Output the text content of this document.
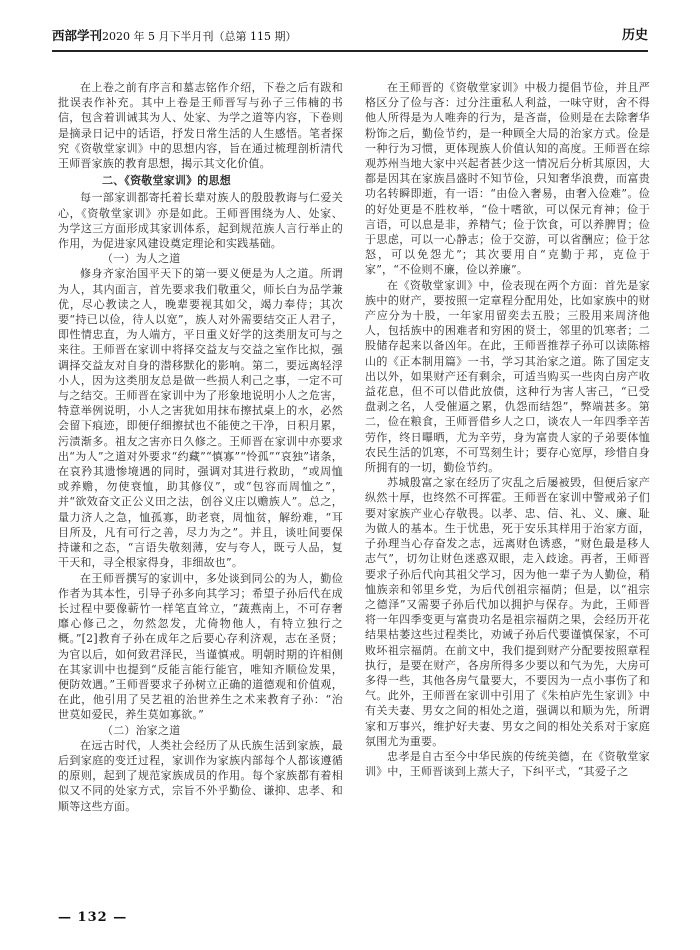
西部学刊2020 年 5 月下半月刊（总第 115 期）	历史

在上卷之前有序言和墓志铭作介绍，下卷之后有跋和批误表作补充。其中上卷是王师晋写与孙子三伟楠的书信，包含着训诫其为人、处家、为学之道等内容，下卷则是摘录日记中的话语，抒发日常生活的人生感悟。笔者探究《资敬堂家训》中的思想内容，旨在通过梳理剖析清代王师晋家族的教育思想，揭示其文化价值。

二、《资敬堂家训》的思想

每一部家训都寄托着长辈对族人的殷殷教诲与仁爱关心，《资敬堂家训》亦是如此。王师晋围绕为人、处家、为学这三方面形成其家训体系，起到规范族人言行举止的作用，为促进家风建设奠定理论和实践基础。

（一）为人之道

修身齐家治国平天下的第一要义便是为人之道。所谓为人，其内面言，首先要求我们敬重父，师长白为品学兼优，尽心教读之人，晚辈要视其如父，竭力奉侍；其次要“持已以俭，待人以宽”，族人对外需要结交正人君子，即性情忠直，为人端方，平日重义好学的这类朋友可与之来往。王师晋在家训中将择交益友与交益之室作比拟，强调择交益友对自身的潜移默化的影响。第二，要远离轻浮小人，因为这类朋友总是做一些损人利己之事，一定不可与之结交。王师晋在家训中为了形象地说明小人之危害，特意举例说明，小人之害犹如用抹布擦拭桌上的水，必然会留下痕迹，即便仔细擦拭也不能使之干净，日积月累，污渍渐多。祖友之害亦日久修之。王师晋在家训中亦要求出“为人”之道对外要求“约藏”“慎寡”“怜孤”“哀独”诸条，在哀矜其遗惨境遇的同时，强调对其进行救助，“或周恤或养赡，勿使衰恤，助其修仪”，或“包容而周恤之”，并“欲效奋文正公义田之法，创谷义庄以赡族人”。总之，量力济人之急，恤孤寡，助老衰，周恤贫，解纷难，“耳目所及，凡有可行之善，尽力为之”。并且，谈吐间要保持谦和之态，“言语失敬刻薄，安与夸人，既亏人品，复干天和，寻全根家得身，非细故也”。

在王师晋撰写的家训中，多处谈到同公的为人，勤俭作者为其本性，引导子孙多向其学习；希望子孙后代在成长过程中要像蕲竹一样笔直耸立，“蔬燕南上，不可存奢靡心修己之，勿然忽发，尤倚物他人，有特立独行之概。”[2]教育子孙在成年之后要心存利济观，志在圣贤；为官以后，如何致君泽民，当谨慎戒。明朝时期的许相侧在其家训中也提到“反能言能行能官，唯知齐顺俭发果，便防效遇。”王师晋要求子孙树立正确的道德观和价值观，在此，他引用了吴艺祖的治世养生之术来教育子孙：“治世莫如爱民，养生莫如寡欲。”

（二）治家之道

在远古时代，人类社会经历了从氏族生活到家族，最后到家庭的变迁过程，家训作为家族内部每个人都该遵循的原则，起到了规范家族成员的作用。每个家族都有着相似又不同的处家方式，宗旨不外乎勤俭、谦抑、忠孝、和顺等这些方面。

在王师晋的《资敬堂家训》中极力提倡节俭，并且严格区分了俭与吝：过分注重私人利益，一味守财，舍不得他人所得是为人唯奔的行为，是吝啬，俭则是在去除奢华粉饰之后，勤俭节约，是一种顾全大局的治家方式。俭是一种行为习惯，更体现族人价值认知的高度。王师晋在综观苏州当地大家中兴起者甚少这一情况后分析其原因，大都是因其在家族昌盛时不知节俭，只知奢华浪费，而富贵功名转瞬即逝，有一语：“由俭入奢易，由奢入俭难”。俭的好处更是不胜枚举，“俭十嗜欲，可以保元育神；俭于言语，可以息是非，养精气；俭于饮食，可以养脾胃；俭于思虑，可以一心静志；俭于交游，可以省酬应；俭于忿怒，可以免怨尤”；其次要用自“克勤于邦，克俭于家”，“不俭则不廉，俭以养廉”。

在《资敬堂家训》中，俭表现在两个方面：首先是家族中的财产，要按照一定章程分配用处，比如家族中的财产应分为十股，一年家用留奕去五股；三股用来周济他人，包括族中的困难者和穷困的贤士，邻里的饥寒者；二股储存起来以备凶年。在此，王师晋推荐子孙可以读陈榕山的《正本制用篇》一书，学习其治家之道。陈了国定支出以外，如果财产还有剩余，可适当购买一些肉白房产收益花息，但不可以借此放债，这种行为害人害己，“已受盘剥之名，人受催逼之累，仇怨而结怨”，弊端甚多。第二，俭在粮食，王师晋借乡人之口，谈农人一年四季辛苦劳作，终日曝晒，尤为辛劳，身为富贵人家的子弟要体恤农民生活的饥寒，不可骂刻生计；要存心宽厚，珍惜自身所拥有的一切，勤俭节约。

苏城殷富之家在经历了灾乱之后屡被毁，但便后家产纵然十厚，也终然不可挥霍。王师晋在家训中警戒弟子们要对家族产业心存敬畏。以孝、忠、信、礼、义、廉、耻为做人的基本。生于忧患，死于安乐其样用于治家方面，子孙理当心存奋发之志，远离财色诱惑，“财色最是移人志气”，切勿让财色迷惑双眼，走入歧途。再者，王师晋要求子孙后代向其祖父学习，因为他一辈子为人勤俭，稍恤族亲和邻里乡党，为后代创祖宗福荫；但是，以“祖宗之德泽”又需要子孙后代加以拥护与保存。为此，王师晋将一年四季变更与富贵功名是祖宗福荫之果，会经历开花结果枯萎这些过程类比，劝诫子孙后代要谨慎保家，不可败坏祖宗福荫。在前文中，我们提到财产分配要按照章程执行，是要在财产，各房所得多少要以和气为先，大房可多得一些，其他各房气量要大，不要因为一点小事伤了和气。此外，王师晋在家训中引用了《朱柏庐先生家训》中有关夫妻、男女之间的相处之道，强调以和顺为先，所谓家和万事兴，维护好夫妻、男女之间的相处关系对于家庭氛围尤为重要。

忠孝是自古至今中华民族的传统美德，在《资敬堂家训》中，王师晋谈到上蒸大子，下纠平弍，“其爱子之

— 132 —
